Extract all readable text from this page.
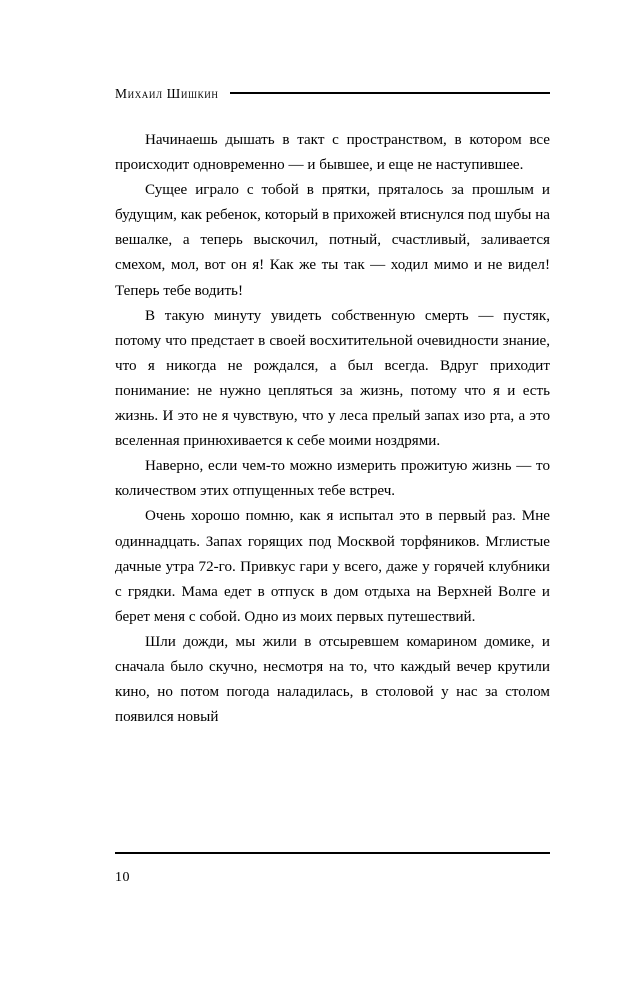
Михаил Шишкин

Начинаешь дышать в такт с пространством, в котором все происходит одновременно — и бывшее, и еще не наступившее.

Сущее играло с тобой в прятки, пряталось за прошлым и будущим, как ребенок, который в прихожей втиснулся под шубы на вешалке, а теперь выскочил, потный, счастливый, заливается смехом, мол, вот он я! Как же ты так — ходил мимо и не видел! Теперь тебе водить!

В такую минуту увидеть собственную смерть — пустяк, потому что предстает в своей восхитительной очевидности знание, что я никогда не рождался, а был всегда. Вдруг приходит понимание: не нужно цепляться за жизнь, потому что я и есть жизнь. И это не я чувствую, что у леса прелый запах изо рта, а это вселенная принюхивается к себе моими ноздрями.

Наверно, если чем-то можно измерить прожитую жизнь — то количеством этих отпущенных тебе встреч.

Очень хорошо помню, как я испытал это в первый раз. Мне одиннадцать. Запах горящих под Москвой торфяников. Мглистые дачные утра 72-го. Привкус гари у всего, даже у горячей клубники с грядки. Мама едет в отпуск в дом отдыха на Верхней Волге и берет меня с собой. Одно из моих первых путешествий.

Шли дожди, мы жили в отсыревшем комарином домике, и сначала было скучно, несмотря на то, что каждый вечер крутили кино, но потом погода наладилась, в столовой у нас за столом появился новый

10
